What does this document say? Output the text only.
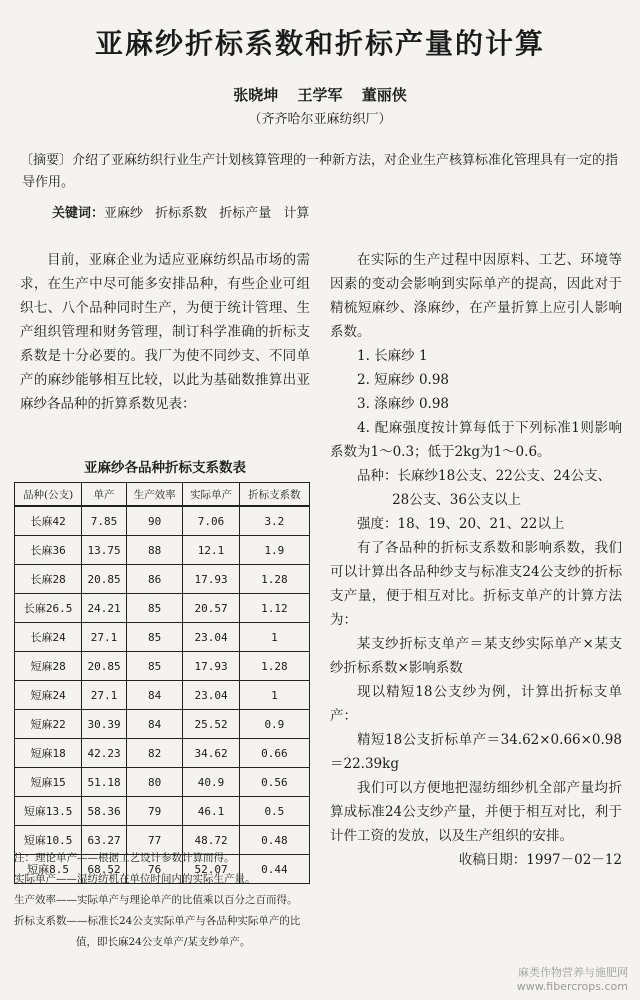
亚麻纱折标系数和折标产量的计算
张晓坤 王学军 董丽侠
（齐齐哈尔亚麻纺织厂）
〔摘要〕介绍了亚麻纺织行业生产计划核算管理的一种新方法，对企业生产核算标准化管理具有一定的指导作用。
关键词：亚麻纱 折标系数 折标产量 计算

目前，亚麻企业为适应亚麻纺织品市场的需求，在生产中尽可能多安排品种，有些企业可组织七、八个品种同时生产，为便于统计管理、生产组织管理和财务管理，制订科学准确的折标支系数是十分必要的。我厂为使不同纱支、不同单产的麻纱能够相互比较，以此为基础数推算出亚麻纱各品种的折算系数见表：

亚麻纱各品种折标支系数表
品种(公支)	单产	生产效率	实际单产	折标支系数
长麻42	7.85	90	7.06	3.2
长麻36	13.75	88	12.1	1.9
长麻28	20.85	86	17.93	1.28
长麻26.5	24.21	85	20.57	1.12
长麻24	27.1	85	23.04	1
短麻28	20.85	85	17.93	1.28
短麻24	27.1	84	23.04	1
短麻22	30.39	84	25.52	0.9
短麻18	42.23	82	34.62	0.66
短麻15	51.18	80	40.9	0.56
短麻13.5	58.36	79	46.1	0.5
短麻10.5	63.27	77	48.72	0.48
短麻8.5	68.52	76	52.07	0.44
注：理论单产——根据工艺设计参数计算而得。
实际单产——湿纺纺机在单位时间内的实际生产量。
生产效率——实际单产与理论单产的比值乘以百分之百而得。
折标支系数——标准长24公支实际单产与各品种实际单产的比值，即长麻24公支单产/某支纱单产。

在实际的生产过程中因原料、工艺、环境等因素的变动会影响到实际单产的提高，因此对于精梳短麻纱、涤麻纱，在产量折算上应引人影响系数。

1. 长麻纱 1

2. 短麻纱 0.98

3. 涤麻纱 0.98

4. 配麻强度按计算每低于下列标准1则影响系数为1～0.3；低于2kg为1～0.6。

品种：长麻纱18公支、22公支、24公支、

28公支、36公支以上

强度：18、19、20、21、22以上

有了各品种的折标支系数和影响系数，我们可以计算出各品种纱支与标准支24公支纱的折标支产量，便于相互对比。折标支单产的计算方法为：

某支纱折标支单产＝某支纱实际单产×某支纱折标系数×影响系数

现以精短18公支纱为例，计算出折标支单产：

精短18公支折标单产＝34.62×0.66×0.98＝22.39kg

我们可以方便地把湿纺细纱机全部产量均折算成标准24公支纱产量，并便于相互对比，利于计件工资的发放，以及生产组织的安排。

收稿日期：1997－02－12

麻类作物营养与施肥网
www.fibercrops.com
